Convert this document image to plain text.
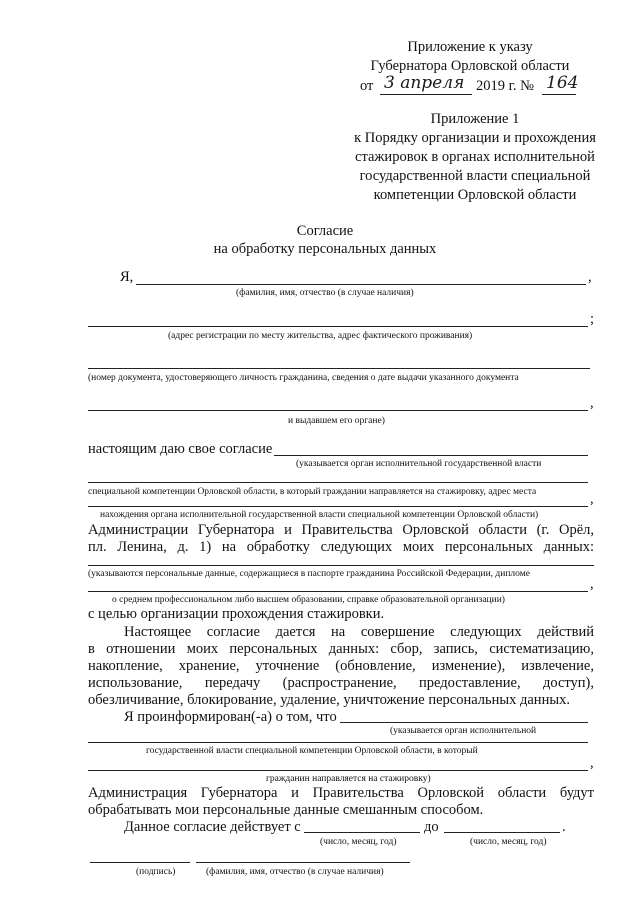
Приложение к указу
Губернатора Орловской области
от 3 апреля 2019 г. № 164
Приложение 1
к Порядку организации и прохождения
стажировок в органах исполнительной
государственной власти специальной
компетенции Орловской области
Согласие
на обработку персональных данных
Я,	,
(фамилия, имя, отчество (в случае наличия)
;
(адрес регистрации по месту жительства, адрес фактического проживания)
(номер документа, удостоверяющего личность гражданина, сведения о дате выдачи указанного документа
,
и выдавшем его органе)
настоящим даю свое согласие
(указывается орган исполнительной государственной власти
специальной компетенции Орловской области, в который граждании направляется на стажировку, адрес места	,
нахождения органа исполнительной государственной власти специальной компетенции Орловской области)
Администрации Губернатора и Правительства Орловской области (г. Орёл,
пл. Ленина, д. 1) на обработку следующих моих персональных данных:
(указываются персональные данные, содержащиеся в паспорте гражданина Российской Федерации, дипломе
,
о среднем профессиональном либо высшем образовании, справке образовательной организации)
с целью организации прохождения стажировки.
Настоящее согласие дается на совершение следующих действий
в отношении моих персональных данных: сбор, запись, систематизацию,
накопление, хранение, уточнение (обновление, изменение), извлечение,
использование, передачу (распространение, предоставление, доступ),
обезличивание, блокирование, удаление, уничтожение персональных данных.
Я проинформирован(-а) о том, что
(указывается орган исполнительной
государственной власти специальной компетенции Орловской области, в который
,
гражданин направляется на стажировку)
Администрация Губернатора и Правительства Орловской области будут
обрабатывать мои персональные данные смешанным способом.
Данное согласие действует с	до	.
(число, месяц, год)	(число, месяц, год)
(подпись)	(фамилия, имя, отчество (в случае наличия)
